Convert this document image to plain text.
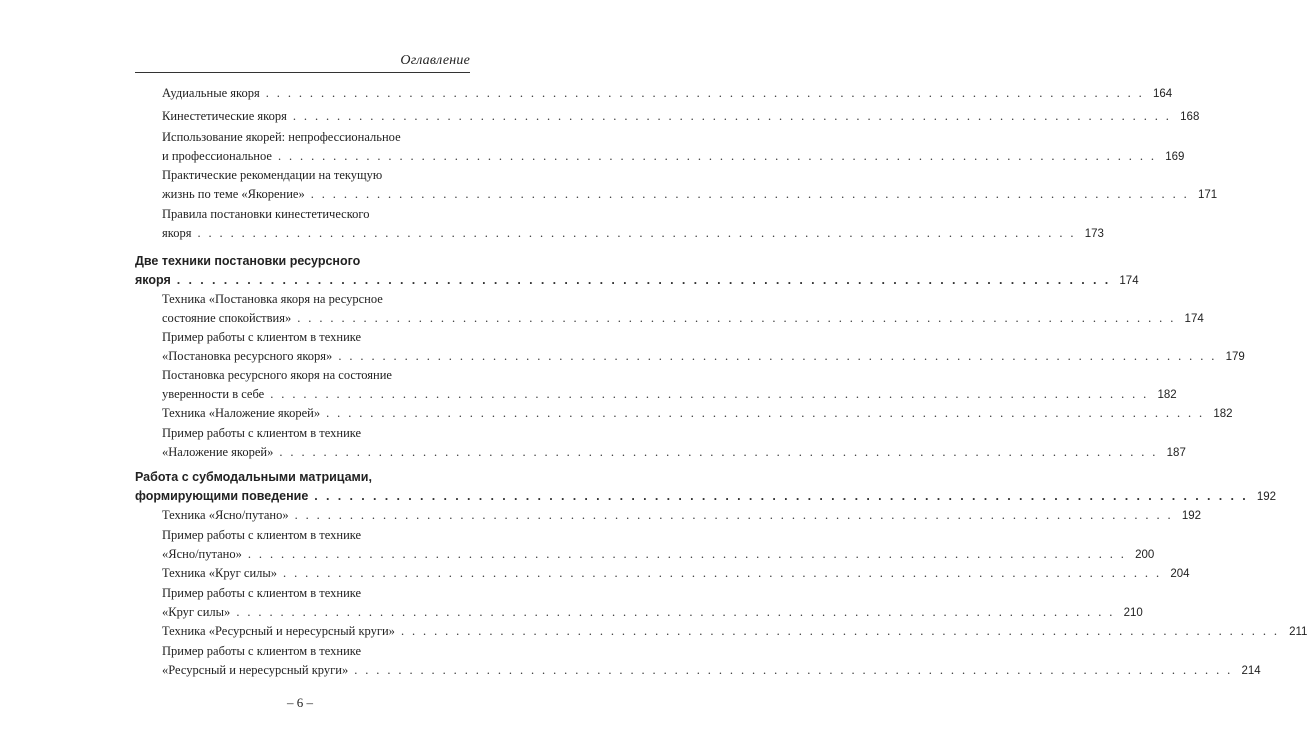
Оглавление
Аудиальные якоря . . . . . . . . . . . . . . . . . . . . . . . . . . . . . . . . . . . . . . . . . . . . . . . . . . . . . . . . . . . . . . . . . . . . . . . . . . . . . . . . 164
Кинестетические якоря . . . . . . . . . . . . . . . . . . . . . . . . . . . . . . . . . . . . . . . . . . . . . . . . . . . . . . . . . . . . . . . . . . . . . . . . . . . . . . . . 168
Использование якорей: непрофессиональное
и профессиональное . . . . . . . . . . . . . . . . . . . . . . . . . . . . . . . . . . . . . . . . . . . . . . . . . . . . . . . . . . . . . . . . . . . . . . . . . . . . . . . . 169
Практические рекомендации на текущую
жизнь по теме «Якорение» . . . . . . . . . . . . . . . . . . . . . . . . . . . . . . . . . . . . . . . . . . . . . . . . . . . . . . . . . . . . . . . . . . . . . . . . . . . . . . . . 171
Правила постановки кинестетического
якоря . . . . . . . . . . . . . . . . . . . . . . . . . . . . . . . . . . . . . . . . . . . . . . . . . . . . . . . . . . . . . . . . . . . . . . . . . . . . . . . . 173
Две техники постановки ресурсного
якоря . . . . . . . . . . . . . . . . . . . . . . . . . . . . . . . . . . . . . . . . . . . . . . . . . . . . . . . . . . . . . . . . . . . . . . . . . . . . . . . . 174
Техника «Постановка якоря на ресурсное
состояние спокойствия» . . . . . . . . . . . . . . . . . . . . . . . . . . . . . . . . . . . . . . . . . . . . . . . . . . . . . . . . . . . . . . . . . . . . . . . . . . . . . . . . 174
Пример работы с клиентом в технике
«Постановка ресурсного якоря» . . . . . . . . . . . . . . . . . . . . . . . . . . . . . . . . . . . . . . . . . . . . . . . . . . . . . . . . . . . . . . . . . . . . . . . . . . . . . . . . 179
Постановка ресурсного якоря на состояние
уверенности в себе . . . . . . . . . . . . . . . . . . . . . . . . . . . . . . . . . . . . . . . . . . . . . . . . . . . . . . . . . . . . . . . . . . . . . . . . . . . . . . . . 182
Техника «Наложение якорей» . . . . . . . . . . . . . . . . . . . . . . . . . . . . . . . . . . . . . . . . . . . . . . . . . . . . . . . . . . . . . . . . . . . . . . . . . . . . . . . . 182
Пример работы с клиентом в технике
«Наложение якорей» . . . . . . . . . . . . . . . . . . . . . . . . . . . . . . . . . . . . . . . . . . . . . . . . . . . . . . . . . . . . . . . . . . . . . . . . . . . . . . . . 187
Работа с субмодальными матрицами,
формирующими поведение . . . . . . . . . . . . . . . . . . . . . . . . . . . . . . . . . . . . . . . . . . . . . . . . . . . . . . . . . . . . . . . . . . . . . . . . . . . . . . . . 192
Техника «Ясно/путано» . . . . . . . . . . . . . . . . . . . . . . . . . . . . . . . . . . . . . . . . . . . . . . . . . . . . . . . . . . . . . . . . . . . . . . . . . . . . . . . . 192
Пример работы с клиентом в технике
«Ясно/путано» . . . . . . . . . . . . . . . . . . . . . . . . . . . . . . . . . . . . . . . . . . . . . . . . . . . . . . . . . . . . . . . . . . . . . . . . . . . . . . . . 200
Техника «Круг силы» . . . . . . . . . . . . . . . . . . . . . . . . . . . . . . . . . . . . . . . . . . . . . . . . . . . . . . . . . . . . . . . . . . . . . . . . . . . . . . . . 204
Пример работы с клиентом в технике
«Круг силы» . . . . . . . . . . . . . . . . . . . . . . . . . . . . . . . . . . . . . . . . . . . . . . . . . . . . . . . . . . . . . . . . . . . . . . . . . . . . . . . . 210
Техника «Ресурсный и нересурсный круги» . . . . . . . . . . . . . . . . . . . . . . . . . . . . . . . . . . . . . . . . . . . . . . . . . . . . . . . . . . . . . . . . . . . . . . . . . . . . . . . . 211
Пример работы с клиентом в технике
«Ресурсный и нересурсный круги» . . . . . . . . . . . . . . . . . . . . . . . . . . . . . . . . . . . . . . . . . . . . . . . . . . . . . . . . . . . . . . . . . . . . . . . . . . . . . . . . 214
– 6 –
